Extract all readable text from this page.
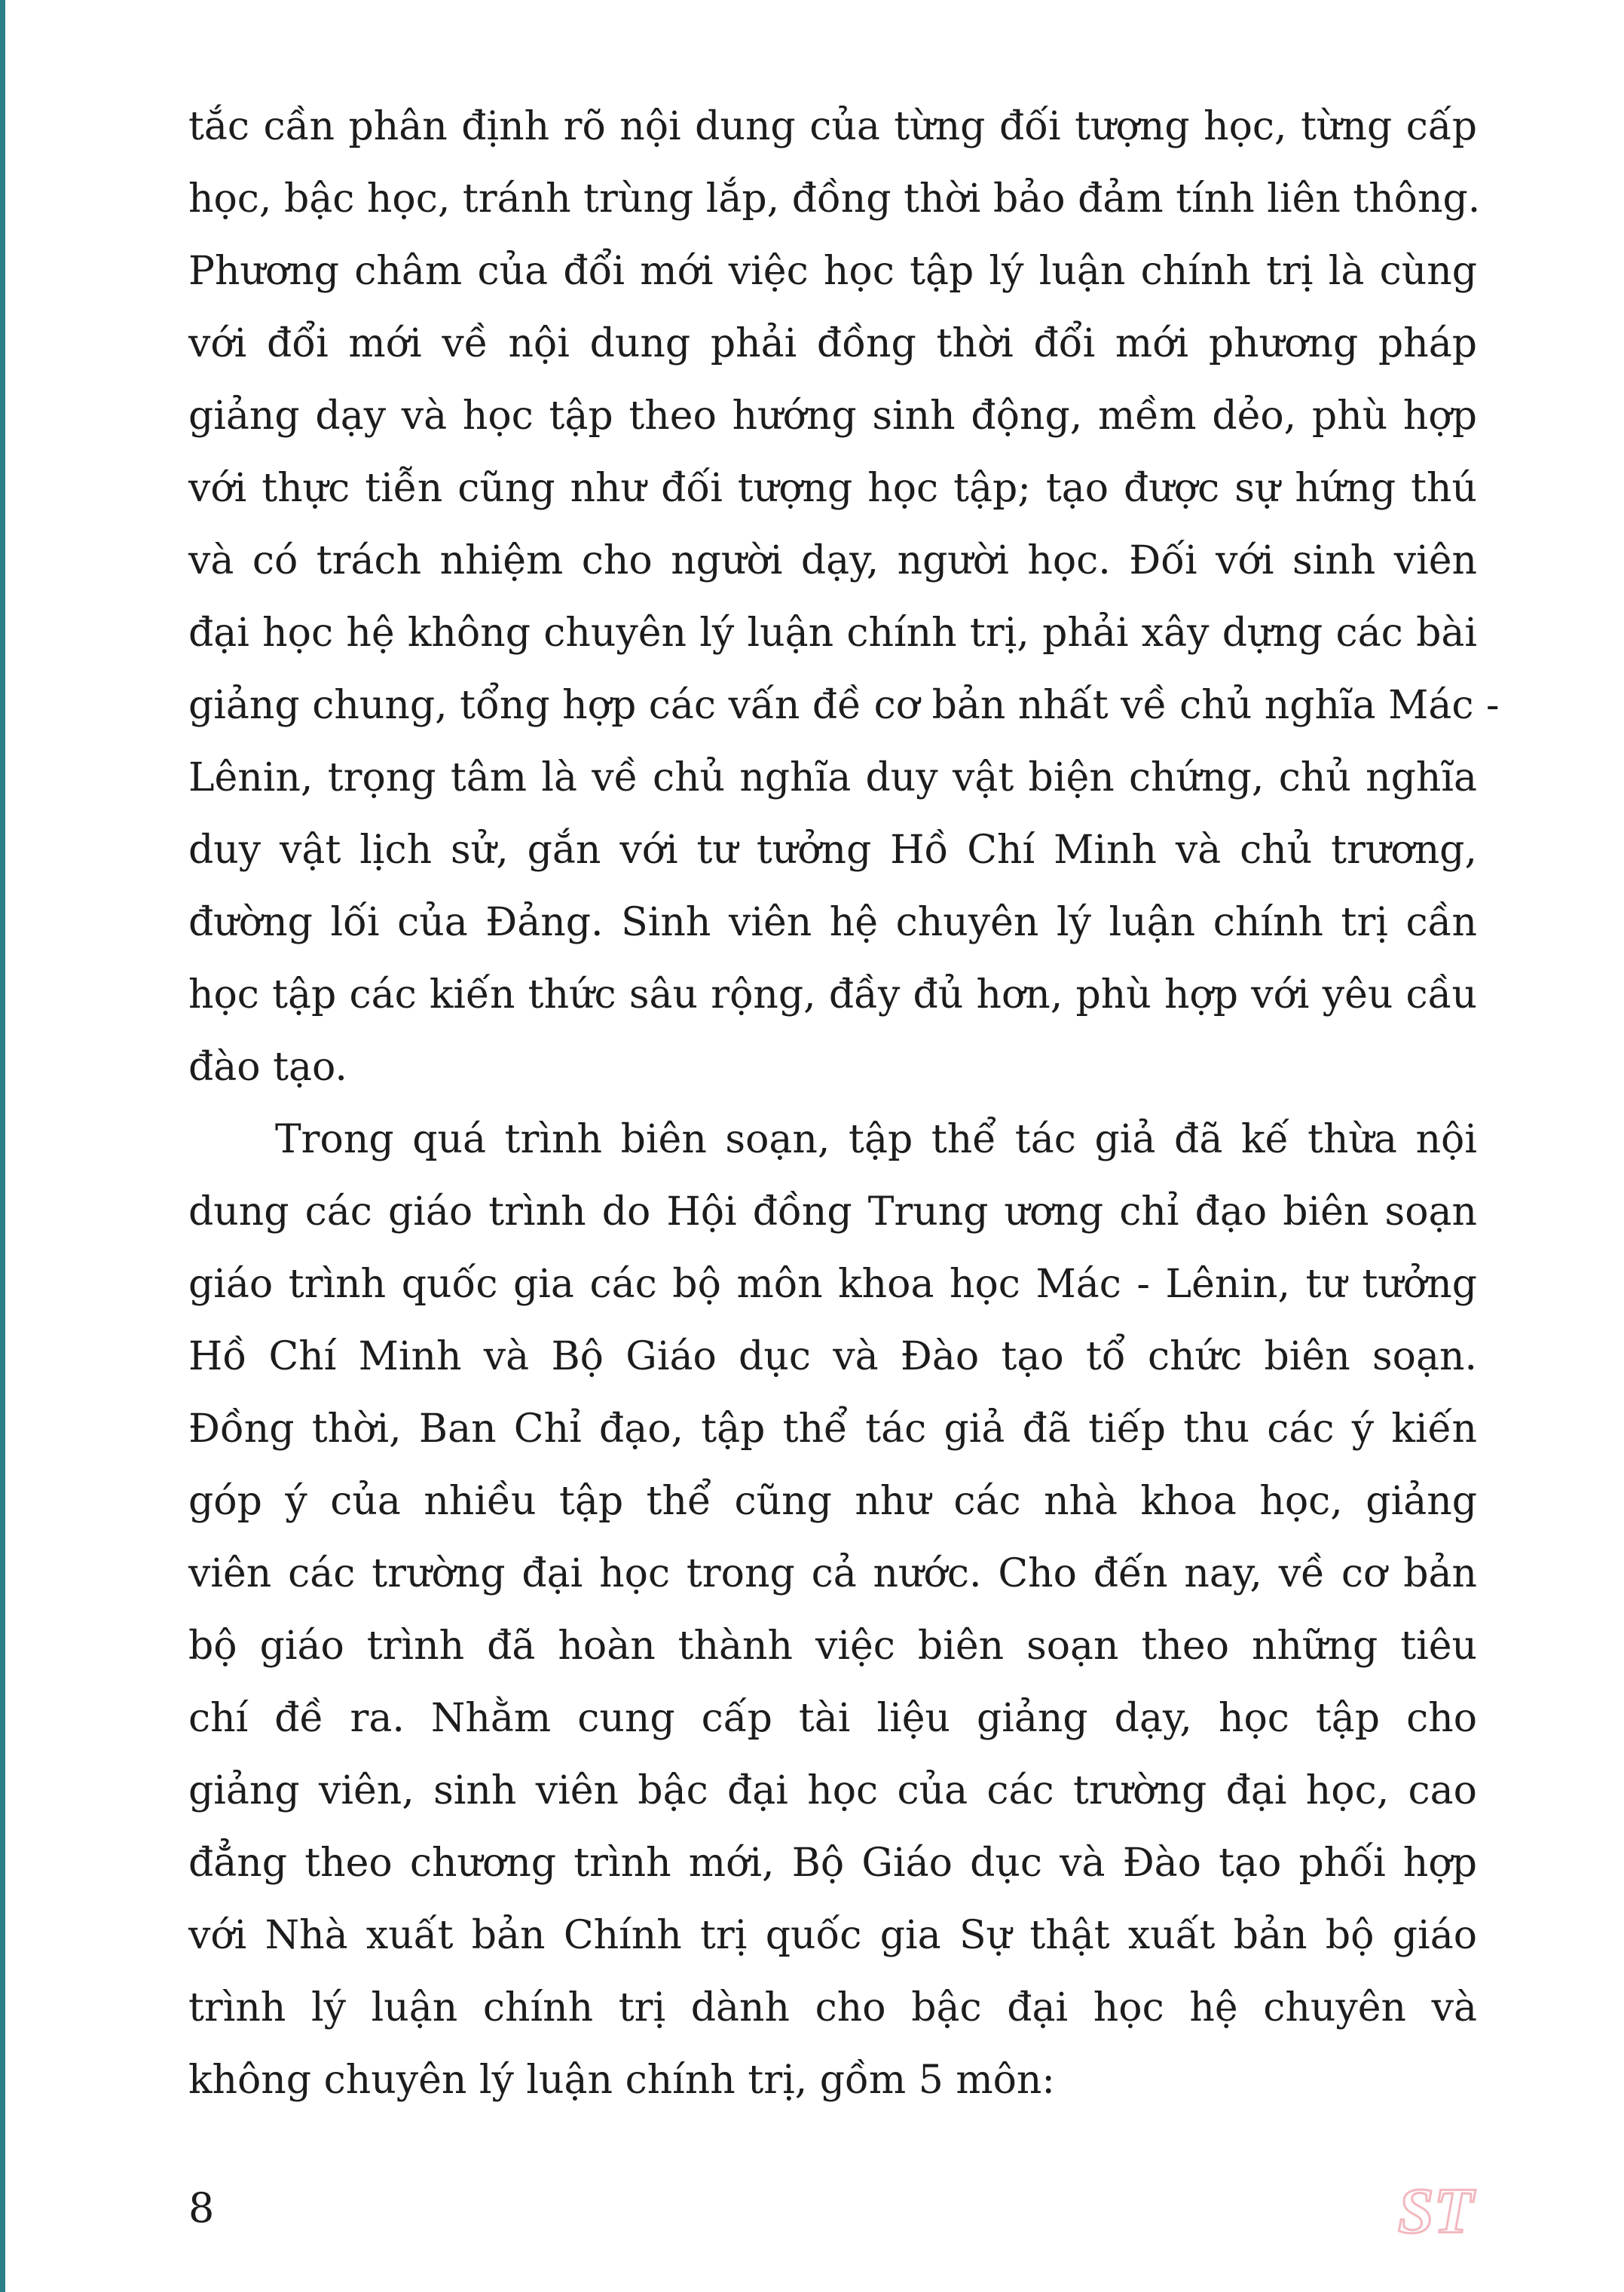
tắc cần phân định rõ nội dung của từng đối tượng học, từng cấp
học, bậc học, tránh trùng lắp, đồng thời bảo đảm tính liên thông.
Phương châm của đổi mới việc học tập lý luận chính trị là cùng
với đổi mới về nội dung phải đồng thời đổi mới phương pháp
giảng dạy và học tập theo hướng sinh động, mềm dẻo, phù hợp
với thực tiễn cũng như đối tượng học tập; tạo được sự hứng thú
và có trách nhiệm cho người dạy, người học. Đối với sinh viên
đại học hệ không chuyên lý luận chính trị, phải xây dựng các bài
giảng chung, tổng hợp các vấn đề cơ bản nhất về chủ nghĩa Mác -
Lênin, trọng tâm là về chủ nghĩa duy vật biện chứng, chủ nghĩa
duy vật lịch sử, gắn với tư tưởng Hồ Chí Minh và chủ trương,
đường lối của Đảng. Sinh viên hệ chuyên lý luận chính trị cần
học tập các kiến thức sâu rộng, đầy đủ hơn, phù hợp với yêu cầu
đào tạo.
Trong quá trình biên soạn, tập thể tác giả đã kế thừa nội
dung các giáo trình do Hội đồng Trung ương chỉ đạo biên soạn
giáo trình quốc gia các bộ môn khoa học Mác - Lênin, tư tưởng
Hồ Chí Minh và Bộ Giáo dục và Đào tạo tổ chức biên soạn.
Đồng thời, Ban Chỉ đạo, tập thể tác giả đã tiếp thu các ý kiến
góp ý của nhiều tập thể cũng như các nhà khoa học, giảng
viên các trường đại học trong cả nước. Cho đến nay, về cơ bản
bộ giáo trình đã hoàn thành việc biên soạn theo những tiêu
chí đề ra. Nhằm cung cấp tài liệu giảng dạy, học tập cho
giảng viên, sinh viên bậc đại học của các trường đại học, cao
đẳng theo chương trình mới, Bộ Giáo dục và Đào tạo phối hợp
với Nhà xuất bản Chính trị quốc gia Sự thật xuất bản bộ giáo
trình lý luận chính trị dành cho bậc đại học hệ chuyên và
không chuyên lý luận chính trị, gồm 5 môn:
8	ST
